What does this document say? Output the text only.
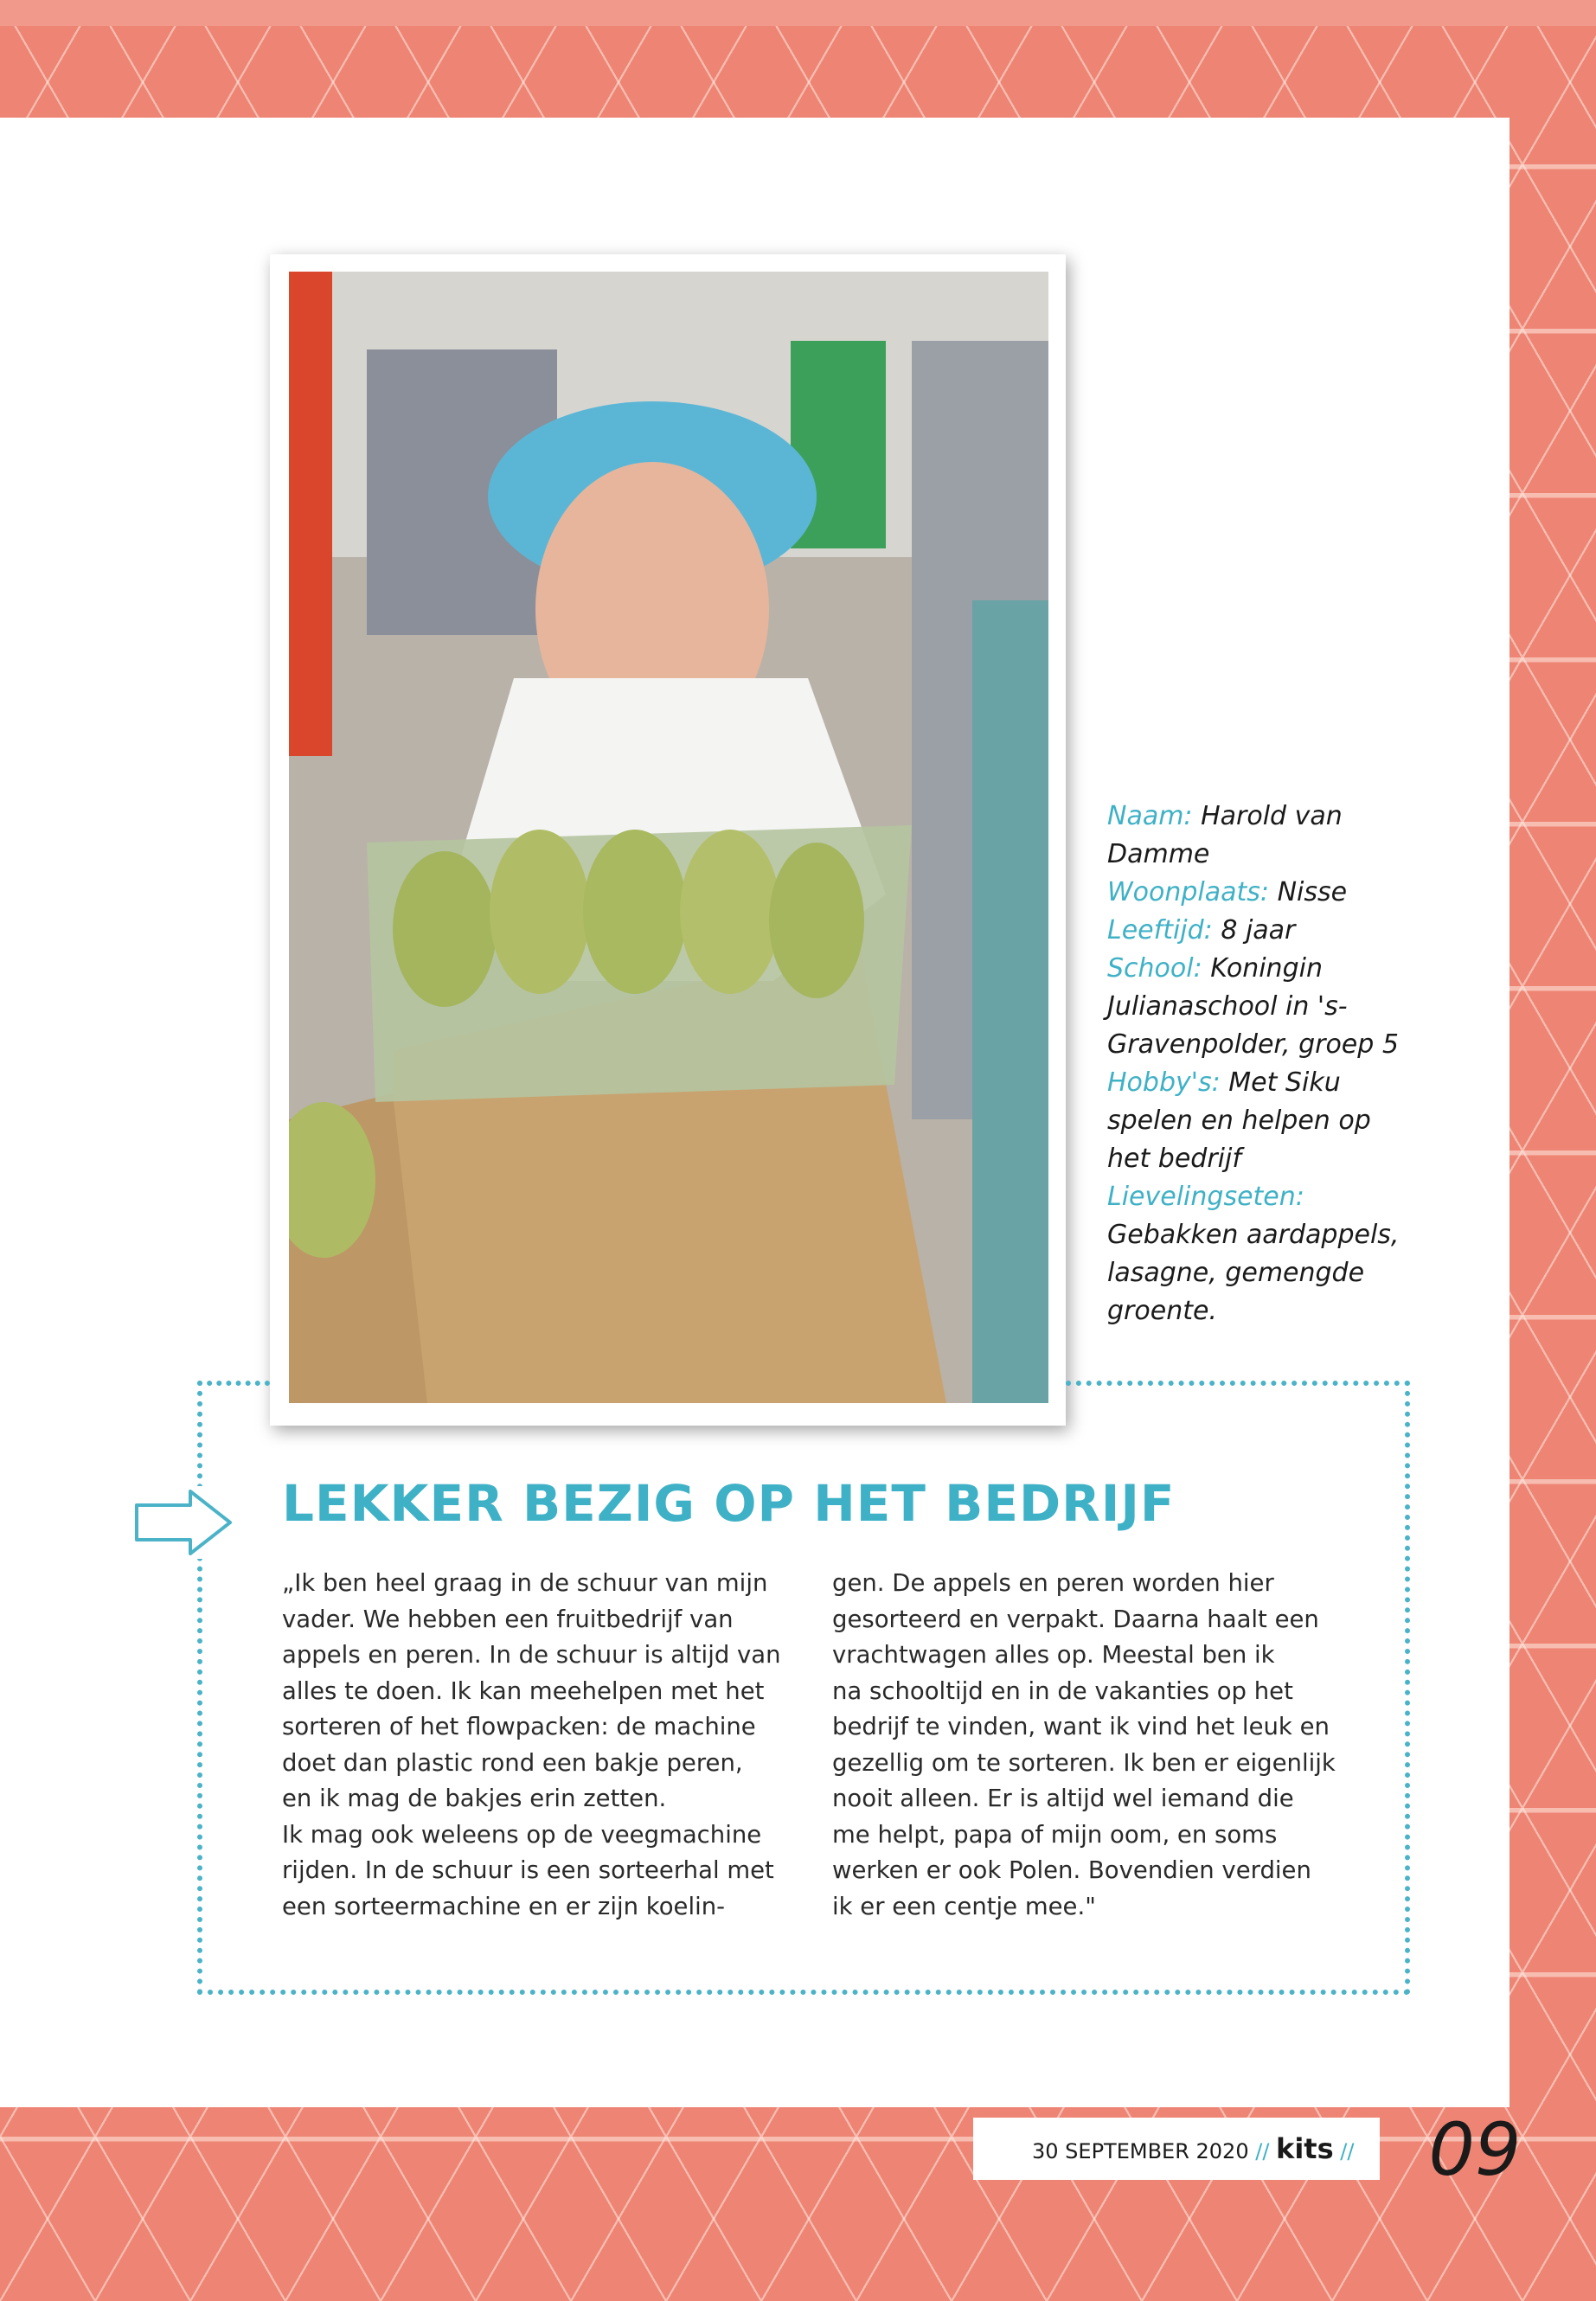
Naam: Harold van Damme
Woonplaats: Nisse
Leeftijd: 8 jaar
School: Koningin Julianaschool in 's-Gravenpolder, groep 5
Hobby's: Met Siku spelen en helpen op het bedrijf
Lievelingseten: Gebakken aardappels, lasagne, gemengde groente.
LEKKER BEZIG OP HET BEDRIJF
„Ik ben heel graag in de schuur van mijn
vader. We hebben een fruitbedrijf van
appels en peren. In de schuur is altijd van
alles te doen. Ik kan meehelpen met het
sorteren of het flowpacken: de machine
doet dan plastic rond een bakje peren,
en ik mag de bakjes erin zetten.
Ik mag ook weleens op de veegmachine
rijden. In de schuur is een sorteerhal met
een sorteermachine en er zijn koelin-
gen. De appels en peren worden hier
gesorteerd en verpakt. Daarna haalt een
vrachtwagen alles op. Meestal ben ik
na schooltijd en in de vakanties op het
bedrijf te vinden, want ik vind het leuk en
gezellig om te sorteren. Ik ben er eigenlijk
nooit alleen. Er is altijd wel iemand die
me helpt, papa of mijn oom, en soms
werken er ook Polen. Bovendien verdien
ik er een centje mee."
30 SEPTEMBER 2020 // kits //	09
